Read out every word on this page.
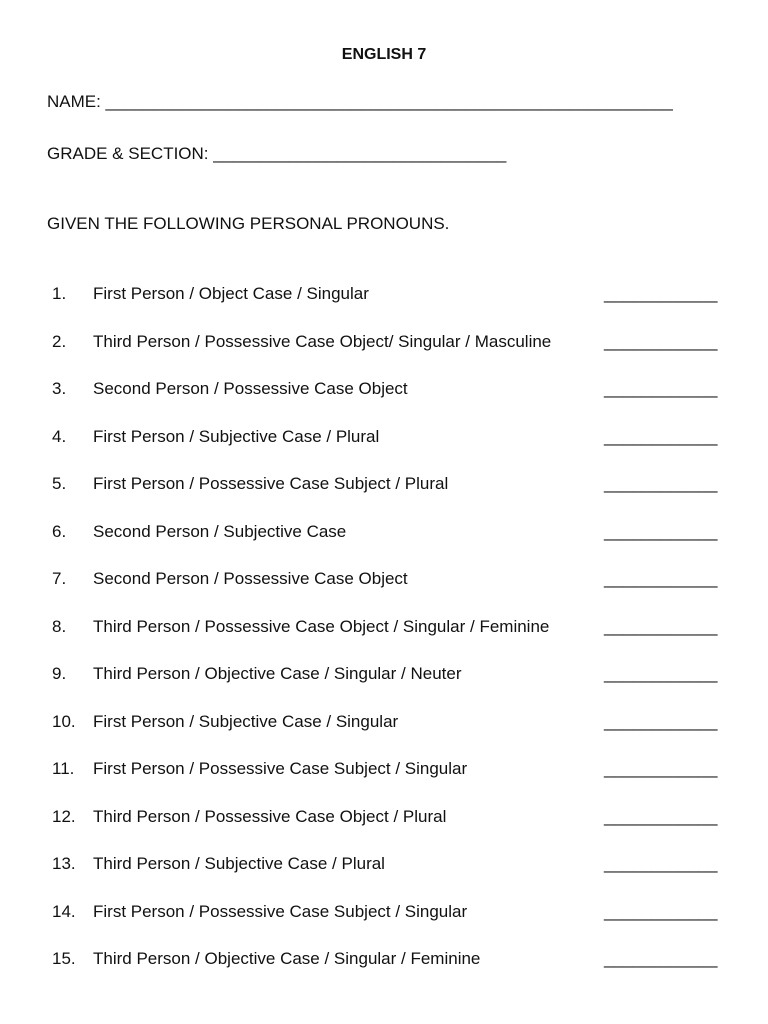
ENGLISH 7
NAME: ____________________________________________________________
GRADE & SECTION: _______________________________
GIVEN THE FOLLOWING PERSONAL PRONOUNS.
1. First Person / Object Case / Singular	____________
2. Third Person / Possessive Case Object/ Singular / Masculine	____________
3. Second Person / Possessive Case Object	____________
4. First Person / Subjective Case / Plural	____________
5. First Person / Possessive Case Subject / Plural	____________
6. Second Person / Subjective Case	____________
7. Second Person / Possessive Case Object	____________
8. Third Person / Possessive Case Object / Singular / Feminine	____________
9. Third Person / Objective Case / Singular / Neuter	____________
10. First Person / Subjective Case / Singular	____________
11. First Person / Possessive Case Subject / Singular	____________
12. Third Person / Possessive Case Object / Plural	____________
13. Third Person / Subjective Case / Plural	____________
14. First Person / Possessive Case Subject / Singular	____________
15. Third Person / Objective Case / Singular / Feminine	____________
